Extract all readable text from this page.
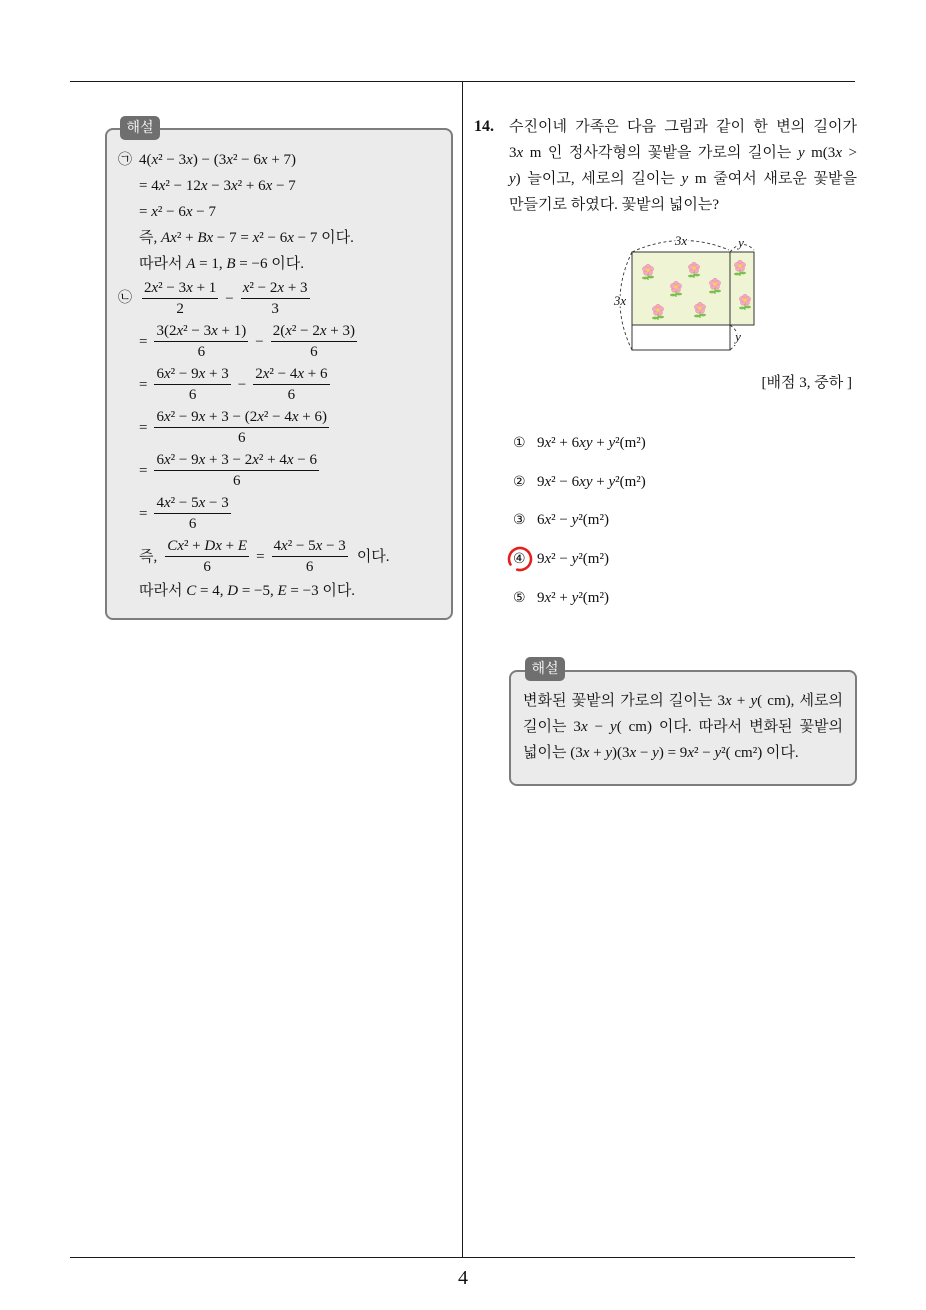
4
해설
㉠ 4(x² − 3x) − (3x² − 6x + 7)
= 4x² − 12x − 3x² + 6x − 7
= x² − 6x − 7
즉, Ax² + Bx − 7 = x² − 6x − 7 이다.
따라서 A = 1, B = −6 이다.
㉡ $\frac{\text{2x² − 3x + 1}}{2} - \frac{\text{x² − 2x + 3}}{3}$
= $\frac{\text{3(2x² − 3x + 1)}}{6} - \frac{\text{2(x² − 2x + 3)}}{6}$
= $\frac{\text{6x² − 9x + 3}}{6} - \frac{\text{2x² − 4x + 6}}{6}$
= $\frac{\text{6x² − 9x + 3 − (2x² − 4x + 6)}}{6}$
= $\frac{\text{6x² − 9x + 3 − 2x² + 4x − 6}}{6}$
= $\frac{\text{4x² − 5x − 3}}{6}$
즉, $\frac{\text{Cx² + Dx + E}}{6} = \frac{\text{4x² − 5x − 3}}{6}$ 이다.
따라서 C = 4, D = −5, E = −3 이다.
14. 수진이네 가족은 다음 그림과 같이 한 변의 길이가
3x m 인 정사각형의 꽃밭을 가로의 길이는 y m(3x >
y) 늘이고, 세로의 길이는 y m 줄여서 새로운 꽃밭을
만들기로 하였다. 꽃밭의 넓이는?
3x	y
3x
y
[배점 3, 중하 ]
① 9x² + 6xy + y²(m²)
② 9x² − 6xy + y²(m²)
③ 6x² − y²(m²)
④ 9x² − y²(m²)
⑤ 9x² + y²(m²)
해설
변화된 꽃밭의 가로의 길이는 3x + y( cm), 세로의
길이는 3x − y( cm) 이다. 따라서 변화된 꽃밭의
넓이는 (3x + y)(3x − y) = 9x² − y²( cm²) 이다.
